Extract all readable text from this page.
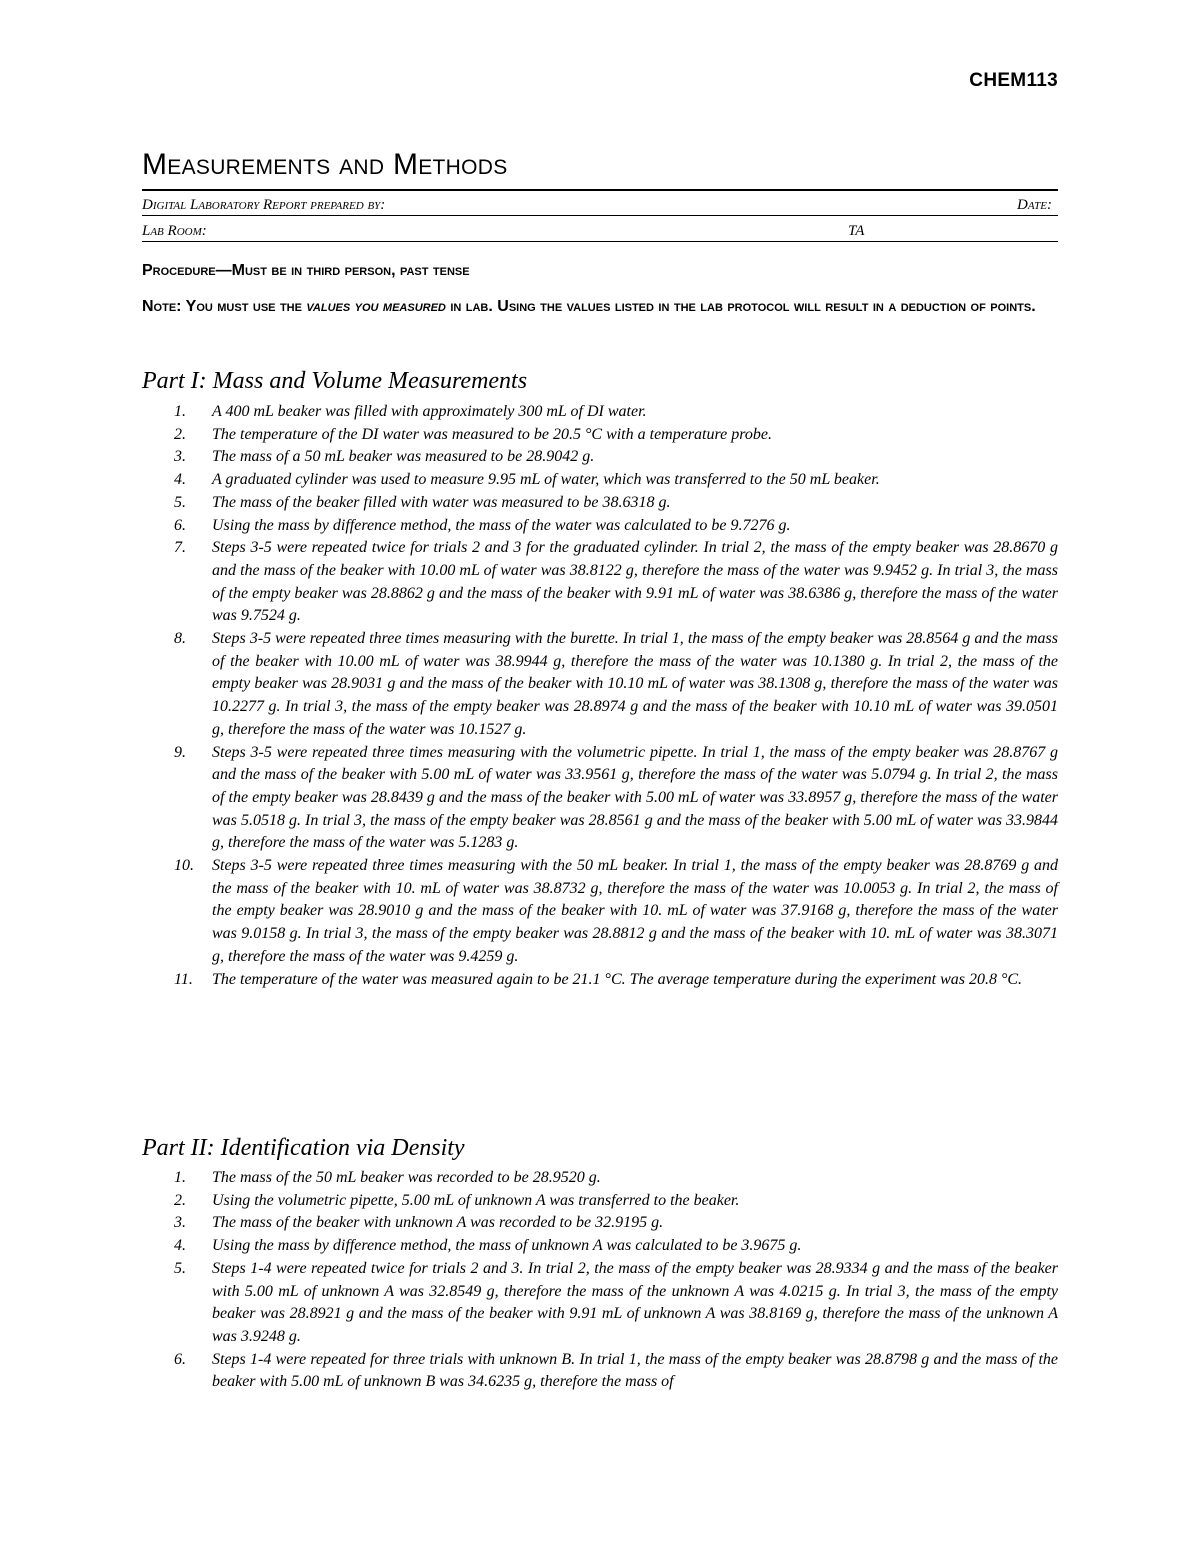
CHEM113
Measurements and Methods
Digital Laboratory Report prepared by:	Date:
Lab Room:	TA
Procedure—Must be in third person, past tense
Note: You must use the values you measured in lab. Using the values listed in the lab protocol will result in a deduction of points.
Part I: Mass and Volume Measurements
1. A 400 mL beaker was filled with approximately 300 mL of DI water.
2. The temperature of the DI water was measured to be 20.5 °C with a temperature probe.
3. The mass of a 50 mL beaker was measured to be 28.9042 g.
4. A graduated cylinder was used to measure 9.95 mL of water, which was transferred to the 50 mL beaker.
5. The mass of the beaker filled with water was measured to be 38.6318 g.
6. Using the mass by difference method, the mass of the water was calculated to be 9.7276 g.
7. Steps 3-5 were repeated twice for trials 2 and 3 for the graduated cylinder. In trial 2, the mass of the empty beaker was 28.8670 g and the mass of the beaker with 10.00 mL of water was 38.8122 g, therefore the mass of the water was 9.9452 g. In trial 3, the mass of the empty beaker was 28.8862 g and the mass of the beaker with 9.91 mL of water was 38.6386 g, therefore the mass of the water was 9.7524 g.
8. Steps 3-5 were repeated three times measuring with the burette. In trial 1, the mass of the empty beaker was 28.8564 g and the mass of the beaker with 10.00 mL of water was 38.9944 g, therefore the mass of the water was 10.1380 g. In trial 2, the mass of the empty beaker was 28.9031 g and the mass of the beaker with 10.10 mL of water was 38.1308 g, therefore the mass of the water was 10.2277 g. In trial 3, the mass of the empty beaker was 28.8974 g and the mass of the beaker with 10.10 mL of water was 39.0501 g, therefore the mass of the water was 10.1527 g.
9. Steps 3-5 were repeated three times measuring with the volumetric pipette. In trial 1, the mass of the empty beaker was 28.8767 g and the mass of the beaker with 5.00 mL of water was 33.9561 g, therefore the mass of the water was 5.0794 g. In trial 2, the mass of the empty beaker was 28.8439 g and the mass of the beaker with 5.00 mL of water was 33.8957 g, therefore the mass of the water was 5.0518 g. In trial 3, the mass of the empty beaker was 28.8561 g and the mass of the beaker with 5.00 mL of water was 33.9844 g, therefore the mass of the water was 5.1283 g.
10. Steps 3-5 were repeated three times measuring with the 50 mL beaker. In trial 1, the mass of the empty beaker was 28.8769 g and the mass of the beaker with 10. mL of water was 38.8732 g, therefore the mass of the water was 10.0053 g. In trial 2, the mass of the empty beaker was 28.9010 g and the mass of the beaker with 10. mL of water was 37.9168 g, therefore the mass of the water was 9.0158 g. In trial 3, the mass of the empty beaker was 28.8812 g and the mass of the beaker with 10. mL of water was 38.3071 g, therefore the mass of the water was 9.4259 g.
11. The temperature of the water was measured again to be 21.1 °C. The average temperature during the experiment was 20.8 °C.
Part II: Identification via Density
1. The mass of the 50 mL beaker was recorded to be 28.9520 g.
2. Using the volumetric pipette, 5.00 mL of unknown A was transferred to the beaker.
3. The mass of the beaker with unknown A was recorded to be 32.9195 g.
4. Using the mass by difference method, the mass of unknown A was calculated to be 3.9675 g.
5. Steps 1-4 were repeated twice for trials 2 and 3. In trial 2, the mass of the empty beaker was 28.9334 g and the mass of the beaker with 5.00 mL of unknown A was 32.8549 g, therefore the mass of the unknown A was 4.0215 g. In trial 3, the mass of the empty beaker was 28.8921 g and the mass of the beaker with 9.91 mL of unknown A was 38.8169 g, therefore the mass of the unknown A was 3.9248 g.
6. Steps 1-4 were repeated for three trials with unknown B. In trial 1, the mass of the empty beaker was 28.8798 g and the mass of the beaker with 5.00 mL of unknown B was 34.6235 g, therefore the mass of
